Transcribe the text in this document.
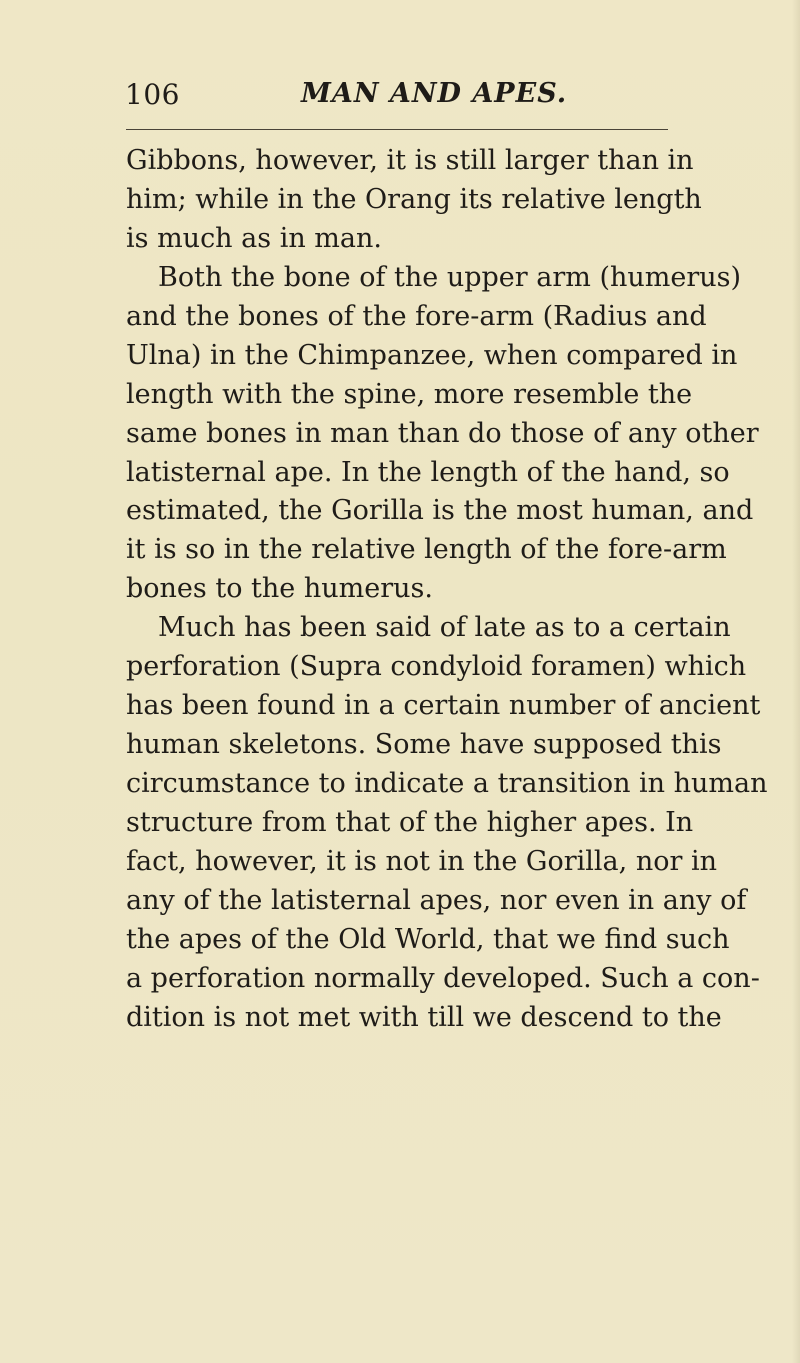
106	MAN AND APES.
Gibbons, however, it is still larger than in
him; while in the Orang its relative length
is much as in man.
Both the bone of the upper arm (humerus)
and the bones of the fore-arm (Radius and
Ulna) in the Chimpanzee, when compared in
length with the spine, more resemble the
same bones in man than do those of any other
latisternal ape. In the length of the hand, so
estimated, the Gorilla is the most human, and
it is so in the relative length of the fore-arm
bones to the humerus.
Much has been said of late as to a certain
perforation (Supra condyloid foramen) which
has been found in a certain number of ancient
human skeletons. Some have supposed this
circumstance to indicate a transition in human
structure from that of the higher apes. In
fact, however, it is not in the Gorilla, nor in
any of the latisternal apes, nor even in any of
the apes of the Old World, that we find such
a perforation normally developed. Such a con-
dition is not met with till we descend to the
